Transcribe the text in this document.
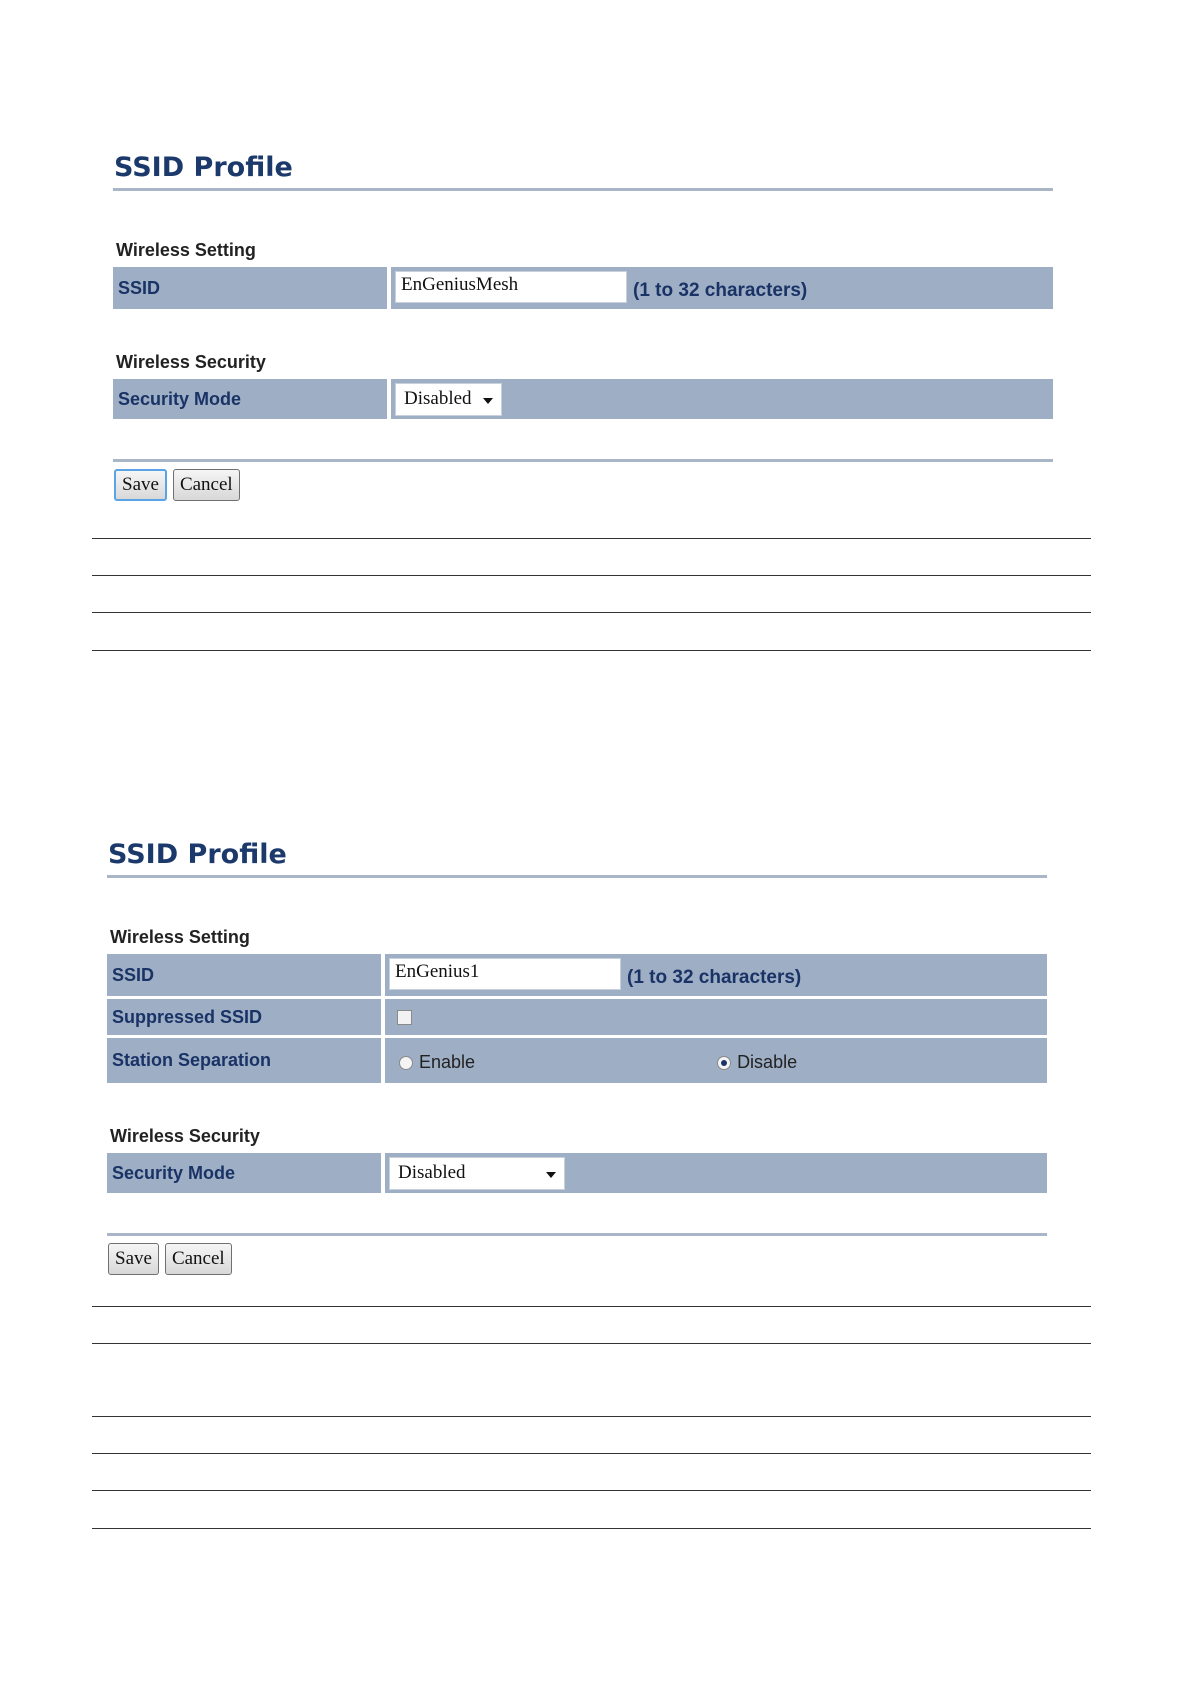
SSID Profile
Wireless Setting
SSID	EnGeniusMesh	(1 to 32 characters)
Wireless Security
Security Mode	Disabled
Save	Cancel
SSID Profile
Wireless Setting
SSID	EnGenius1	(1 to 32 characters)
Suppressed SSID
Station Separation	Enable	Disable
Wireless Security
Security Mode	Disabled
Save	Cancel
